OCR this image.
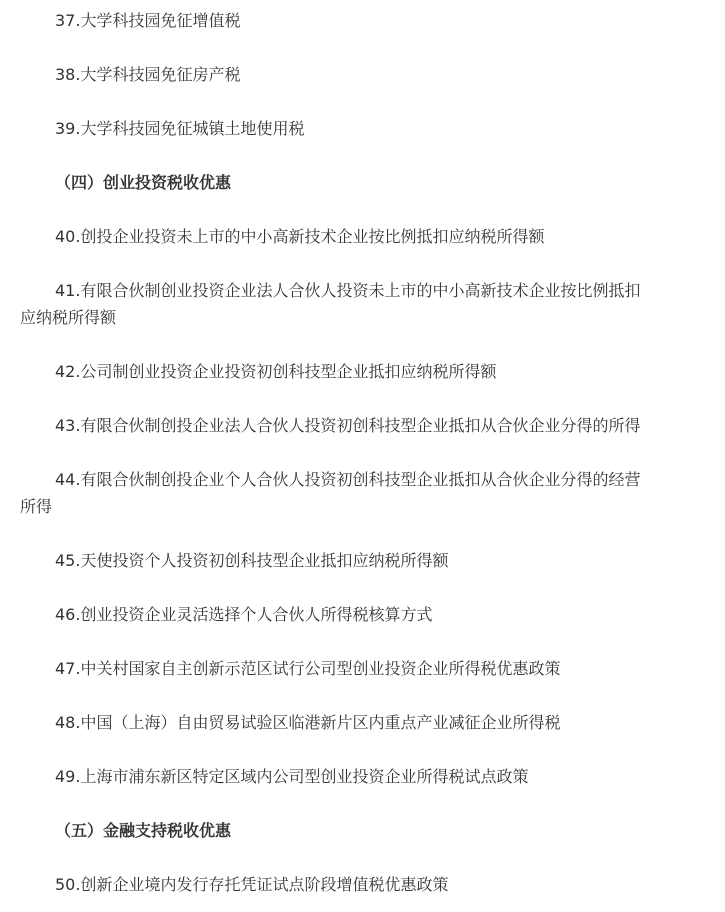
37.大学科技园免征增值税
38.大学科技园免征房产税
39.大学科技园免征城镇土地使用税
（四）创业投资税收优惠
40.创投企业投资未上市的中小高新技术企业按比例抵扣应纳税所得额
41.有限合伙制创业投资企业法人合伙人投资未上市的中小高新技术企业按比例抵扣
应纳税所得额
42.公司制创业投资企业投资初创科技型企业抵扣应纳税所得额
43.有限合伙制创投企业法人合伙人投资初创科技型企业抵扣从合伙企业分得的所得
44.有限合伙制创投企业个人合伙人投资初创科技型企业抵扣从合伙企业分得的经营
所得
45.天使投资个人投资初创科技型企业抵扣应纳税所得额
46.创业投资企业灵活选择个人合伙人所得税核算方式
47.中关村国家自主创新示范区试行公司型创业投资企业所得税优惠政策
48.中国（上海）自由贸易试验区临港新片区内重点产业减征企业所得税
49.上海市浦东新区特定区域内公司型创业投资企业所得税试点政策
（五）金融支持税收优惠
50.创新企业境内发行存托凭证试点阶段增值税优惠政策
